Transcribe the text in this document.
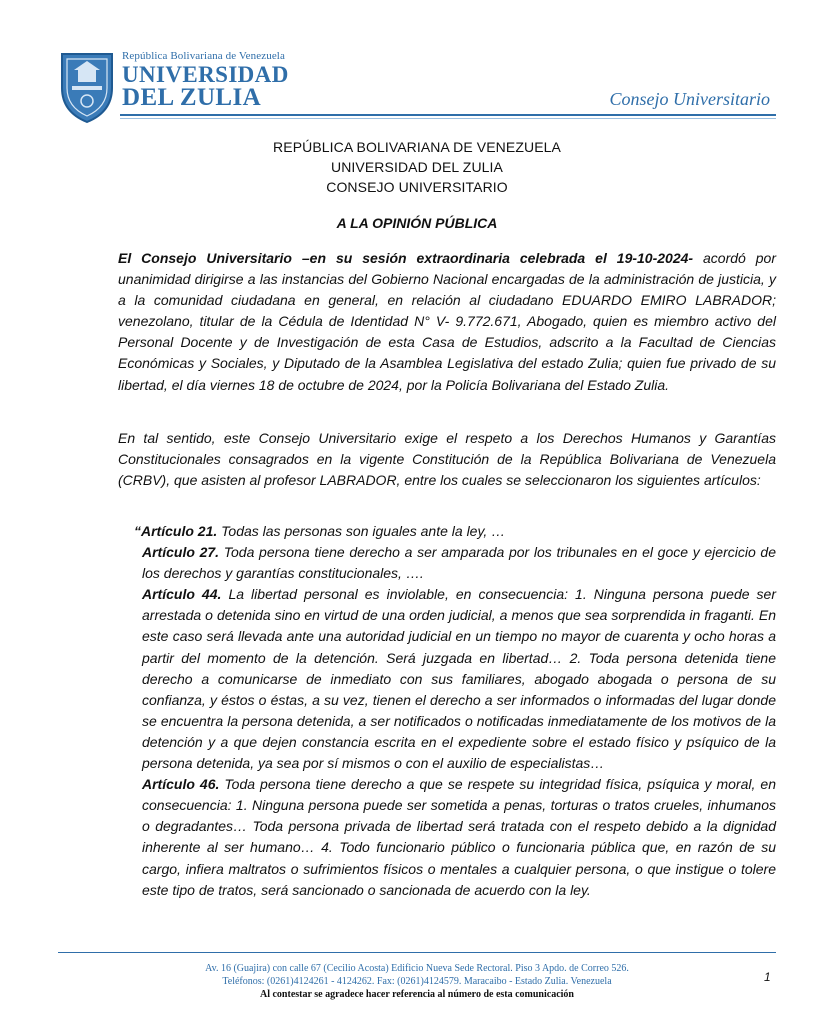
República Bolivariana de Venezuela
UNIVERSIDAD
DEL ZULIA	Consejo Universitario
REPÚBLICA BOLIVARIANA DE VENEZUELA
UNIVERSIDAD DEL ZULIA
CONSEJO UNIVERSITARIO
A LA OPINIÓN PÚBLICA
El Consejo Universitario –en su sesión extraordinaria celebrada el 19-10-2024- acordó por unanimidad dirigirse a las instancias del Gobierno Nacional encargadas de la administración de justicia, y a la comunidad ciudadana en general, en relación al ciudadano EDUARDO EMIRO LABRADOR; venezolano, titular de la Cédula de Identidad N° V- 9.772.671, Abogado, quien es miembro activo del Personal Docente y de Investigación de esta Casa de Estudios, adscrito a la Facultad de Ciencias Económicas y Sociales, y Diputado de la Asamblea Legislativa del estado Zulia; quien fue privado de su libertad, el día viernes 18 de octubre de 2024, por la Policía Bolivariana del Estado Zulia.
En tal sentido, este Consejo Universitario exige el respeto a los Derechos Humanos y Garantías Constitucionales consagrados en la vigente Constitución de la República Bolivariana de Venezuela (CRBV), que asisten al profesor LABRADOR, entre los cuales se seleccionaron los siguientes artículos:
“Artículo 21. Todas las personas son iguales ante la ley, …
Artículo 27. Toda persona tiene derecho a ser amparada por los tribunales en el goce y ejercicio de los derechos y garantías constitucionales, ….
Artículo 44. La libertad personal es inviolable, en consecuencia: 1. Ninguna persona puede ser arrestada o detenida sino en virtud de una orden judicial, a menos que sea sorprendida in fraganti. En este caso será llevada ante una autoridad judicial en un tiempo no mayor de cuarenta y ocho horas a partir del momento de la detención. Será juzgada en libertad… 2. Toda persona detenida tiene derecho a comunicarse de inmediato con sus familiares, abogado abogada o persona de su confianza, y éstos o éstas, a su vez, tienen el derecho a ser informados o informadas del lugar donde se encuentra la persona detenida, a ser notificados o notificadas inmediatamente de los motivos de la detención y a que dejen constancia escrita en el expediente sobre el estado físico y psíquico de la persona detenida, ya sea por sí mismos o con el auxilio de especialistas…
Artículo 46. Toda persona tiene derecho a que se respete su integridad física, psíquica y moral, en consecuencia: 1. Ninguna persona puede ser sometida a penas, torturas o tratos crueles, inhumanos o degradantes… Toda persona privada de libertad será tratada con el respeto debido a la dignidad inherente al ser humano… 4. Todo funcionario público o funcionaria pública que, en razón de su cargo, infiera maltratos o sufrimientos físicos o mentales a cualquier persona, o que instigue o tolere este tipo de tratos, será sancionado o sancionada de acuerdo con la ley.
Av. 16 (Guajira) con calle 67 (Cecilio Acosta) Edificio Nueva Sede Rectoral. Piso 3 Apdo. de Correo 526.
Teléfonos: (0261)4124261 - 4124262. Fax: (0261)4124579. Maracaibo - Estado Zulia. Venezuela
Al contestar se agradece hacer referencia al número de esta comunicación
1
